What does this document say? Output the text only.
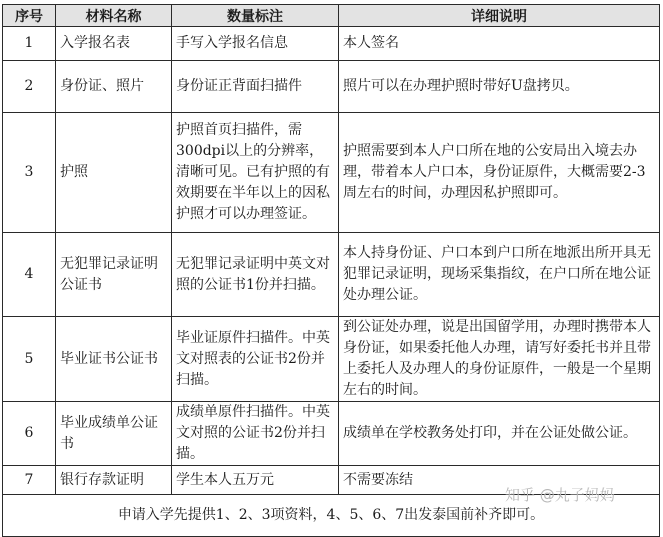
序号	材料名称	数量标注	详细说明
1	入学报名表	手写入学报名信息	本人签名
2	身份证、照片	身份证正背面扫描件	照片可以在办理护照时带好U盘拷贝。
3	护照	护照首页扫描件，需300dpi以上的分辨率，清晰可见。已有护照的有效期要在半年以上的因私护照才可以办理签证。	护照需要到本人户口所在地的公安局出入境去办理，带着本人户口本，身份证原件，大概需要2-3周左右的时间，办理因私护照即可。
4	无犯罪记录证明公证书	无犯罪记录证明中英文对照的公证书1份并扫描。	本人持身份证、户口本到户口所在地派出所开具无犯罪记录证明，现场采集指纹，在户口所在地公证处办理公证。
5	毕业证书公证书	毕业证原件扫描件。中英文对照表的公证书2份并扫描。	到公证处办理，说是出国留学用，办理时携带本人身份证，如果委托他人办理，请写好委托书并且带上委托人及办理人的身份证原件，一般是一个星期左右的时间。
6	毕业成绩单公证书	成绩单原件扫描件。中英文对照的公证书2份并扫描。	成绩单在学校教务处打印，并在公证处做公证。
7	银行存款证明	学生本人五万元	不需要冻结
申请入学先提供1、2、3项资料，4、5、6、7出发泰国前补齐即可。			
知乎 @丸子妈妈
